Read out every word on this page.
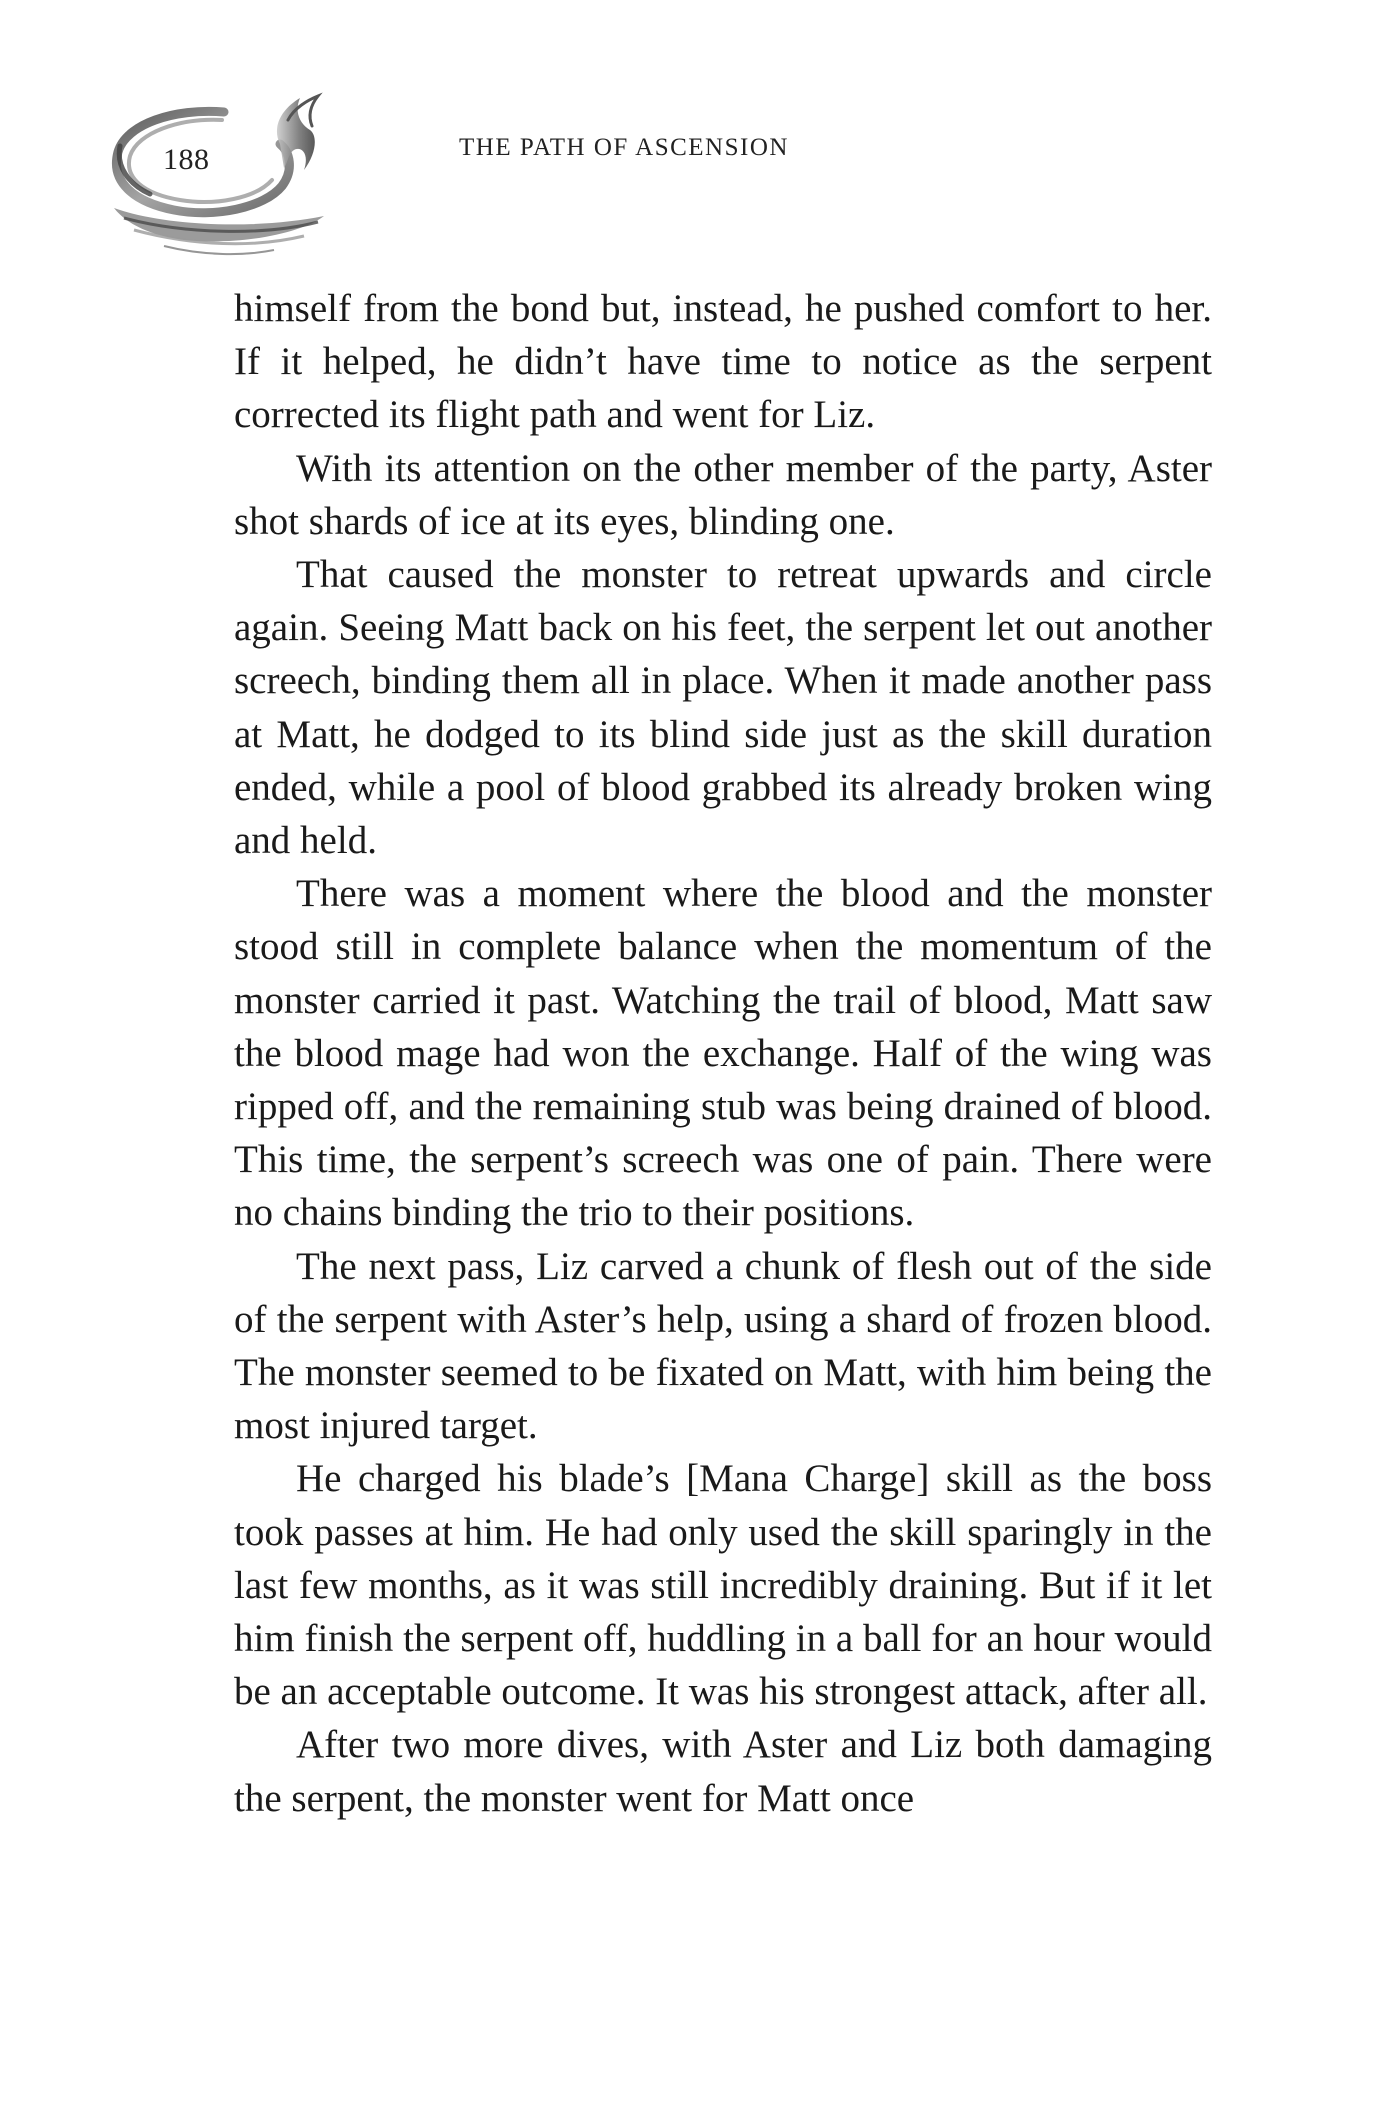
188	THE PATH OF ASCENSION

himself from the bond but, instead, he pushed comfort to her. If it helped, he didn’t have time to notice as the serpent corrected its flight path and went for Liz.

With its attention on the other member of the party, Aster shot shards of ice at its eyes, blinding one.

That caused the monster to retreat upwards and circle again. Seeing Matt back on his feet, the serpent let out another screech, binding them all in place. When it made another pass at Matt, he dodged to its blind side just as the skill duration ended, while a pool of blood grabbed its already broken wing and held.

There was a moment where the blood and the monster stood still in complete balance when the momentum of the monster carried it past. Watching the trail of blood, Matt saw the blood mage had won the exchange. Half of the wing was ripped off, and the remaining stub was being drained of blood. This time, the serpent’s screech was one of pain. There were no chains binding the trio to their positions.

The next pass, Liz carved a chunk of flesh out of the side of the serpent with Aster’s help, using a shard of frozen blood. The monster seemed to be fixated on Matt, with him being the most injured target.

He charged his blade’s [Mana Charge] skill as the boss took passes at him. He had only used the skill sparingly in the last few months, as it was still incredibly draining. But if it let him finish the serpent off, huddling in a ball for an hour would be an acceptable outcome. It was his strongest attack, after all.

After two more dives, with Aster and Liz both damaging the serpent, the monster went for Matt once
